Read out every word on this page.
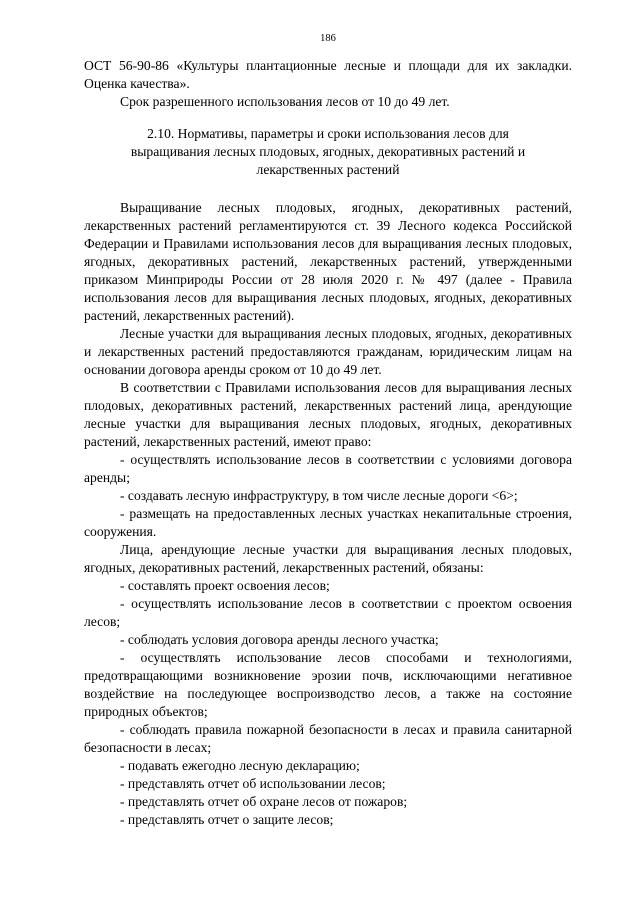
186

ОСТ 56-90-86 «Культуры плантационные лесные и площади для их закладки. Оценка качества».

Срок разрешенного использования лесов от 10 до 49 лет.

2.10. Нормативы, параметры и сроки использования лесов для выращивания лесных плодовых, ягодных, декоративных растений и лекарственных растений

Выращивание лесных плодовых, ягодных, декоративных растений, лекарственных растений регламентируются ст. 39 Лесного кодекса Российской Федерации и Правилами использования лесов для выращивания лесных плодовых, ягодных, декоративных растений, лекарственных растений, утвержденными приказом Минприроды России от 28 июля 2020 г. № 497 (далее - Правила использования лесов для выращивания лесных плодовых, ягодных, декоративных растений, лекарственных растений).

Лесные участки для выращивания лесных плодовых, ягодных, декоративных и лекарственных растений предоставляются гражданам, юридическим лицам на основании договора аренды сроком от 10 до 49 лет.

В соответствии с Правилами использования лесов для выращивания лесных плодовых, декоративных растений, лекарственных растений лица, арендующие лесные участки для выращивания лесных плодовых, ягодных, декоративных растений, лекарственных растений, имеют право:

- осуществлять использование лесов в соответствии с условиями договора аренды;

- создавать лесную инфраструктуру, в том числе лесные дороги <6>;

- размещать на предоставленных лесных участках некапитальные строения, сооружения.

Лица, арендующие лесные участки для выращивания лесных плодовых, ягодных, декоративных растений, лекарственных растений, обязаны:

- составлять проект освоения лесов;

- осуществлять использование лесов в соответствии с проектом освоения лесов;

- соблюдать условия договора аренды лесного участка;

- осуществлять использование лесов способами и технологиями, предотвращающими возникновение эрозии почв, исключающими негативное воздействие на последующее воспроизводство лесов, а также на состояние природных объектов;

- соблюдать правила пожарной безопасности в лесах и правила санитарной безопасности в лесах;

- подавать ежегодно лесную декларацию;

- представлять отчет об использовании лесов;

- представлять отчет об охране лесов от пожаров;

- представлять отчет о защите лесов;
